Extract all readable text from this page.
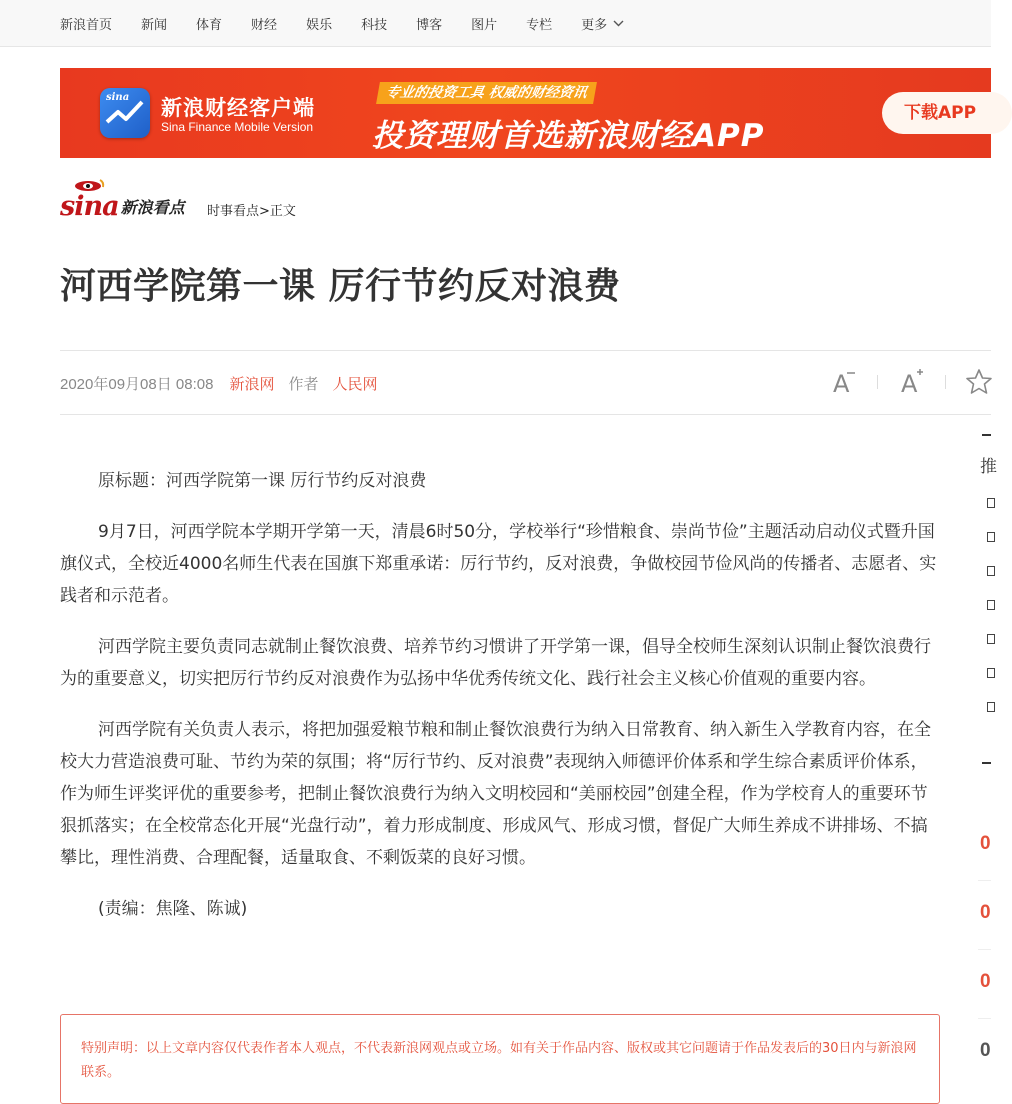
新浪首页 新闻 体育 财经 娱乐 科技 博客 图片 专栏 更多
sina 新浪财经客户端
Sina Finance Mobile Version
专业的投资工具 权威的财经资讯
投资理财首选新浪财经APP
下载APP
sina 新浪看点 时事看点>正文
河西学院第一课 厉行节约反对浪费
2020年09月08日 08:08 新浪网 作者 人民网	A A

原标题：河西学院第一课 厉行节约反对浪费

9月7日，河西学院本学期开学第一天，清晨6时50分，学校举行“珍惜粮食、崇尚节俭”主题活动启动仪式暨升国旗仪式，全校近4000名师生代表在国旗下郑重承诺：厉行节约，反对浪费，争做校园节俭风尚的传播者、志愿者、实践者和示范者。

河西学院主要负责同志就制止餐饮浪费、培养节约习惯讲了开学第一课，倡导全校师生深刻认识制止餐饮浪费行为的重要意义，切实把厉行节约反对浪费作为弘扬中华优秀传统文化、践行社会主义核心价值观的重要内容。

河西学院有关负责人表示，将把加强爱粮节粮和制止餐饮浪费行为纳入日常教育、纳入新生入学教育内容，在全校大力营造浪费可耻、节约为荣的氛围；将“厉行节约、反对浪费”表现纳入师德评价体系和学生综合素质评价体系，作为师生评奖评优的重要参考，把制止餐饮浪费行为纳入文明校园和“美丽校园”创建全程，作为学校育人的重要环节狠抓落实；在全校常态化开展“光盘行动”，着力形成制度、形成风气、形成习惯，督促广大师生养成不讲排场、不搞攀比，理性消费、合理配餐，适量取食、不剩饭菜的良好习惯。

(责编：焦隆、陈诚)

特别声明：以上文章内容仅代表作者本人观点，不代表新浪网观点或立场。如有关于作品内容、版权或其它问题请于作品发表后的30日内与新浪网联系。
推
0
0
0
0
